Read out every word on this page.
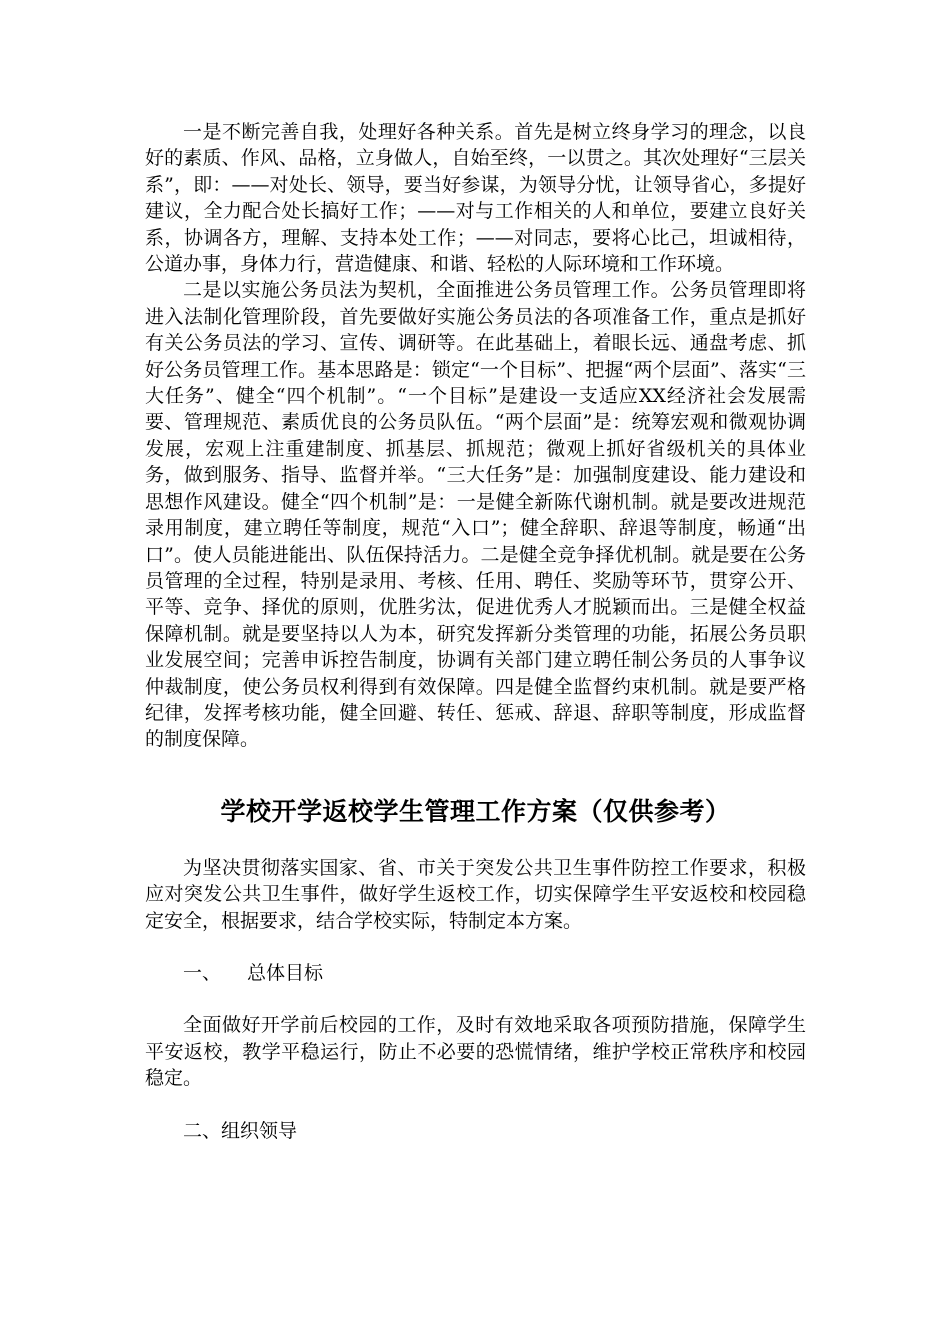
一是不断完善自我，处理好各种关系。首先是树立终身学习的理念，以良好的素质、作风、品格，立身做人，自始至终，一以贯之。其次处理好“三层关系”，即：——对处长、领导，要当好参谋，为领导分忧，让领导省心，多提好建议，全力配合处长搞好工作；——对与工作相关的人和单位，要建立良好关系，协调各方，理解、支持本处工作；——对同志，要将心比己，坦诚相待，公道办事，身体力行，营造健康、和谐、轻松的人际环境和工作环境。

二是以实施公务员法为契机，全面推进公务员管理工作。公务员管理即将进入法制化管理阶段，首先要做好实施公务员法的各项准备工作，重点是抓好有关公务员法的学习、宣传、调研等。在此基础上，着眼长远、通盘考虑、抓好公务员管理工作。基本思路是：锁定“一个目标”、把握“两个层面”、落实“三大任务”、健全“四个机制”。“一个目标”是建设一支适应XX经济社会发展需要、管理规范、素质优良的公务员队伍。“两个层面”是：统筹宏观和微观协调发展，宏观上注重建制度、抓基层、抓规范；微观上抓好省级机关的具体业务，做到服务、指导、监督并举。“三大任务”是：加强制度建设、能力建设和思想作风建设。健全“四个机制”是：一是健全新陈代谢机制。就是要改进规范录用制度，建立聘任等制度，规范“入口”；健全辞职、辞退等制度，畅通“出口”。使人员能进能出、队伍保持活力。二是健全竞争择优机制。就是要在公务员管理的全过程，特别是录用、考核、任用、聘任、奖励等环节，贯穿公开、平等、竞争、择优的原则，优胜劣汰，促进优秀人才脱颖而出。三是健全权益保障机制。就是要坚持以人为本，研究发挥新分类管理的功能，拓展公务员职业发展空间；完善申诉控告制度，协调有关部门建立聘任制公务员的人事争议仲裁制度，使公务员权利得到有效保障。四是健全监督约束机制。就是要严格纪律，发挥考核功能，健全回避、转任、惩戒、辞退、辞职等制度，形成监督的制度保障。

学校开学返校学生管理工作方案（仅供参考）

为坚决贯彻落实国家、省、市关于突发公共卫生事件防控工作要求，积极应对突发公共卫生事件，做好学生返校工作，切实保障学生平安返校和校园稳定安全，根据要求，结合学校实际，特制定本方案。

一、 总体目标

全面做好开学前后校园的工作，及时有效地采取各项预防措施，保障学生平安返校，教学平稳运行，防止不必要的恐慌情绪，维护学校正常秩序和校园稳定。

二、组织领导
